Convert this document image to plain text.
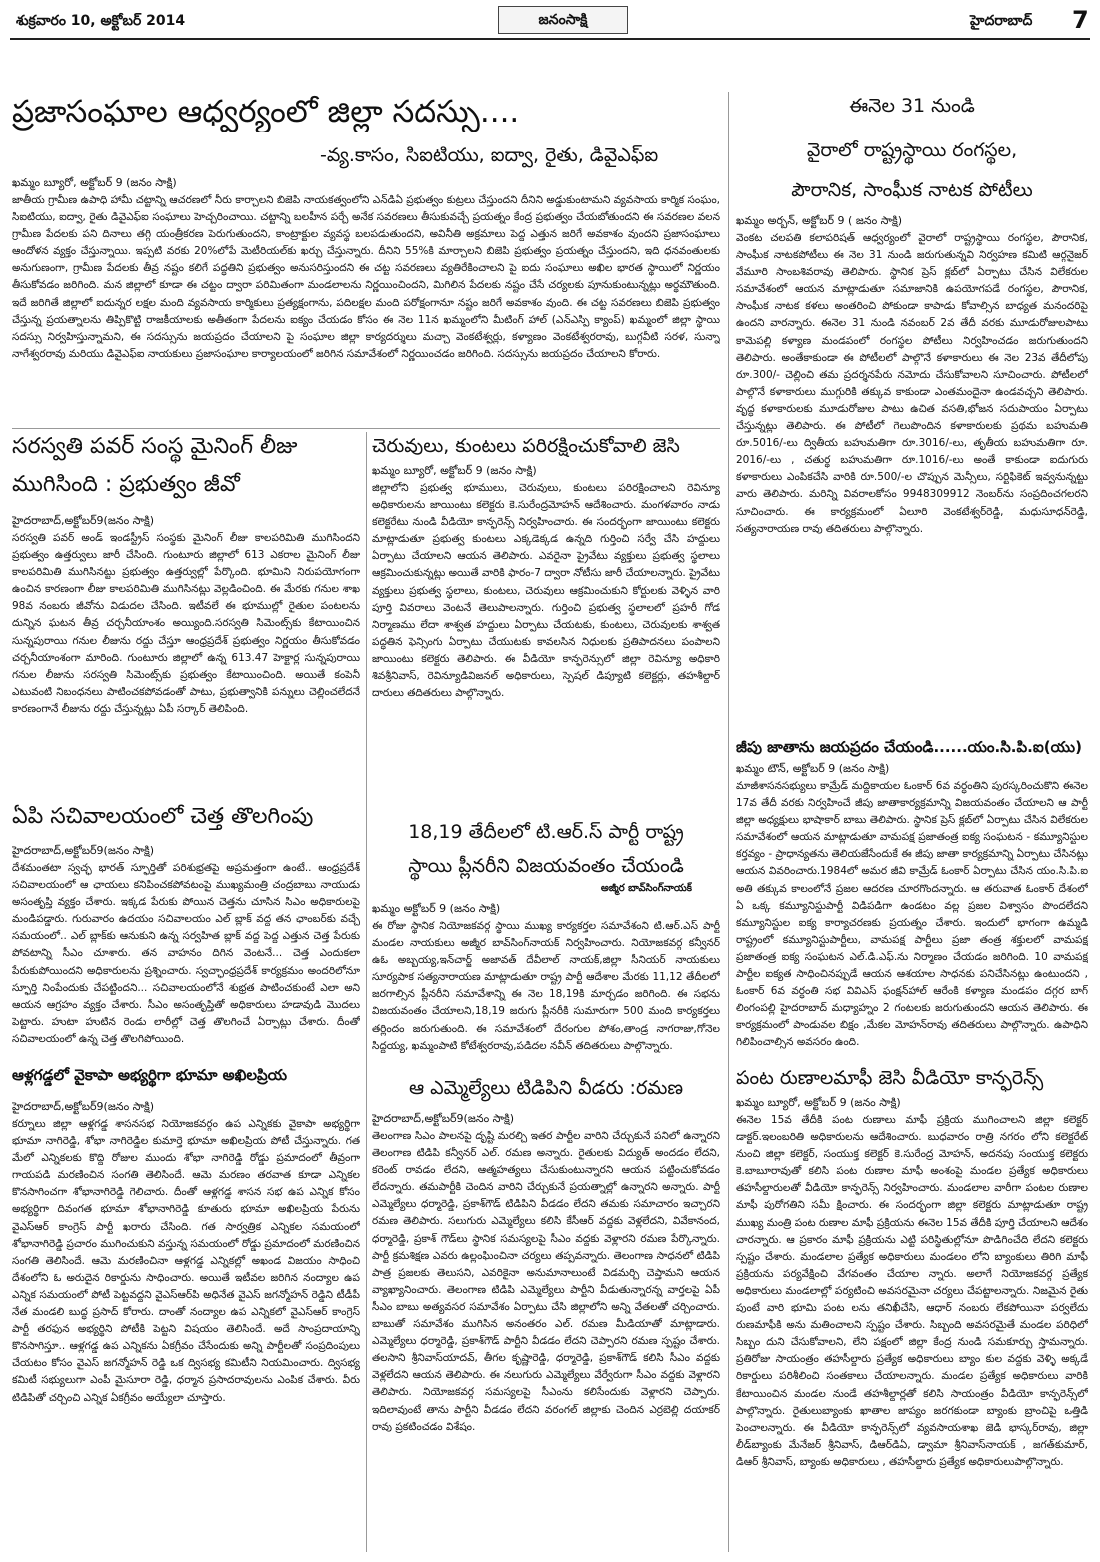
శుక్రవారం 10, అక్టోబర్ 2014	జనంసాక్షి	హైదరాబాద్ 7
ప్రజాసంఘాల ఆధ్వర్యంలో జిల్లా సదస్సు....
-వ్య.కాసం, సిఐటియు, ఐద్వా, రైతు, డివైఎఫ్ఐ
ఖమ్మం బ్యూరో, అక్టోబర్ 9 (జనం సాక్షి)
జాతీయ గ్రామీణ ఉపాధి హామీ చట్టాన్ని ఆచరణలో నీరు కార్చాలని బిజెపి నాయకత్వంలోని ఎన్‌డిఏ ప్రభుత్వం కుట్రలు చేస్తుందని దీనిని అడ్డుకుంటామని వ్యవసాయ కార్మిక సంఘం, సిఐటియు, ఐద్వా, రైతు డివైఎఫ్ఐ సంఘాలు హెచ్చరించాయి. చట్టాన్ని బలహీన పర్చే అనేక సవరణలు తీసుకువచ్చే ప్రయత్నం కేంద్ర ప్రభుత్వం చేయబోతుందని ఈ సవరణల వలన గ్రామీణ పేదలకు పని దినాలు తగ్గి యంత్రీకరణ పెరుగుతుందని, కాంట్రాక్టుల వ్యవస్థ బలపడుతుందని, అవినీతి అక్రమాలు పెద్ద ఎత్తున జరిగే అవకాశం వుందని ప్రజాసంఘాలు ఆందోళన వ్యక్తం చేస్తున్నాయి. ఇప్పటి వరకు 20%లోపే మెటీరియల్‌కు ఖర్చు చేస్తున్నారు. దీనిని 55%కి మార్చాలని బిజెపి ప్రభుత్వం ప్రయత్నం చేస్తుందని, ఇది ధనవంతులకు అనుగుణంగా, గ్రామీణ పేదలకు తీవ్ర నష్టం కలిగే పద్ధతిని ప్రభుత్వం అనుసరిస్తుందని ఈ చట్ట సవరణలు వ్యతిరేకించాలని పై ఐదు సంఘాలు అఖిల భారత స్థాయిలో నిర్ణయం తీసుకోవడం జరిగింది. మన జిల్లాలో కూడా ఈ చట్టం ద్వారా పరిమితంగా మండలాలను నిర్ణయించిందని, మిగిలిన పేదలకు నష్టం చేసే చర్యలకు పూనుకుంటున్నట్లు అర్థమౌతుంది. ఇదే జరిగితే జిల్లాలో ఐదున్నర లక్షల మంది వ్యవసాయ కార్మికులు ప్రత్యక్షంగాను, పదిలక్షల మంది పరోక్షంగానూ నష్టం జరిగే అవకాశం వుంది. ఈ చట్ట సవరణలు బిజెపి ప్రభుత్వం చేస్తున్న ప్రయత్నాలను తిప్పికొట్టి రాజకీయాలకు అతీతంగా పేదలను ఐక్యం చేయడం కోసం ఈ నెల 11న ఖమ్మంలోని మీటింగ్ హాల్ (ఎన్ఎస్పి క్యాంప్) ఖమ్మంలో జిల్లా స్థాయి సదస్సు నిర్వహిస్తున్నామని, ఈ సదస్సును జయప్రదం చేయాలని పై సంఘాల జిల్లా కార్యదర్శులు మచ్చా వెంకటేశ్వర్లు, కళ్యాణం వెంకటేశ్వరరావు, బుగ్గవీటి సరళ, సున్నా నాగేశ్వరరావు మరియు డివైఎఫ్ఐ నాయకులు ప్రజాసంఘాల కార్యాలయంలో జరిగిన సమావేశంలో నిర్ణయించడం జరిగింది. సదస్సును జయప్రదం చేయాలని కోరారు.
సరస్వతి పవర్ సంస్థ మైనింగ్ లీజు
ముగిసింది : ప్రభుత్వం జీవో
హైదరాబాద్,అక్టోబర్9(జనం సాక్షి)
సరస్వతి పవర్ అండ్ ఇండస్ట్రీస్ సంస్థకు మైనింగ్ లీజు కాలపరిమితి ముగిసిందని ప్రభుత్వం ఉత్తర్వులు జారీ చేసింది. గుంటూరు జిల్లాలో 613 ఎకరాల మైనింగ్ లీజు కాలపరిమితి ముగిసినట్టు ప్రభుత్వం ఉత్తర్వుల్లో పేర్కొంది. భూమిని నిరుపయోగంగా ఉంచిన కారణంగా లీజు కాలపరిమితి ముగిసినట్లు వెల్లడించింది. ఈ మేరకు గనుల శాఖ 98వ నంబరు జీవోను విడుదల చేసింది. ఇటీవలే ఈ భూముల్లో రైతుల పంటలను దున్నిన ఘటన తీవ్ర చర్చనీయాంశం అయ్యింది.సరస్వతి సిమెంట్స్‌కు కేటాయించిన సున్నపురాయి గనుల లీజును రద్దు చేస్తూ ఆంధ్రప్రదేశ్ ప్రభుత్వం నిర్ణయం తీసుకోవడం చర్చనీయాంశంగా మారింది. గుంటూరు జిల్లాలో ఉన్న 613.47 హెక్టార్ల సున్నపురాయి గనుల లీజును సరస్వతి సిమెంట్స్‌కు ప్రభుత్వం కేటాయించింది. అయితే కంపెనీ ఎటువంటి నిబంధనలు పాటించకపోవడంతో పాటు, ప్రభుత్వానికి పన్నులు చెల్లించలేదనే కారణంగానే లీజును రద్దు చేస్తున్నట్లు ఏపీ సర్కార్ తెలిపింది.
ఏపి సచివాలయంలో చెత్త తొలగింపు
హైదరాబాద్,అక్టోబర్9(జనం సాక్షి)
దేశమంతటా స్వచ్ఛ భారత్ స్ఫూర్తితో పరిశుభ్రతపై అప్రమత్తంగా ఉంటే.. ఆంధ్రప్రదేశ్ సచివాలయంలో ఆ ఛాయలు కనిపించకపోవటంపై ముఖ్యమంత్రి చంద్రబాబు నాయుడు అసంతృప్తి వ్యక్తం చేశారు. ఇక్కడ పేరుకు పోయిన చెత్తను చూసిన సిఎం అధికారులపై మండిపడ్డారు. గురువారం ఉదయం సచివాలయం ఎల్ బ్లాక్ వద్ద తన ఛాంబర్‌కు వచ్చే సమయంలో.. ఎల్ బ్లాక్‌కు ఆనుకుని ఉన్న సర్వహిత బ్లాక్ వద్ద పెద్ద ఎత్తున చెత్త పేరుకు పోవటాన్ని సీఎం చూశారు. తన వాహనం దిగిన వెంటనే... చెత్త ఎందుకలా పేరుకుపోయిందని అధికారులను ప్రశ్నించారు. స్వచ్ఛాంధ్రప్రదేశ్ కార్యక్రమం అందరిలోనూ స్ఫూర్తి నింపేందుకు చేపట్టిందని... సచివాలయంలోనే శుభ్రత పాటించకుంటే ఎలా అని ఆయన ఆగ్రహం వ్యక్తం చేశారు. సీఎం అసంతృప్తితో అధికారులు హడావుడి మొదలు పెట్టారు. హుటా హుటిన రెండు లారీల్లో చెత్త తొలగించే ఏర్పాట్లు చేశారు. దీంతో సచివాలయంలో ఉన్న చెత్త తొలగిపోయింది.
ఆళ్లగడ్డలో వైకాపా అభ్యర్థిగా భూమా అఖిలప్రియ
హైదరాబాద్,అక్టోబర్9(జనం సాక్షి)
కర్నూలు జిల్లా ఆళ్లగడ్డ శాసనసభ నియోజకవర్గం ఉప ఎన్నికకు వైకాపా అభ్యర్థిగా భూమా నాగిరెడ్డి, శోభా నాగిరెడ్డిల కుమార్తె భూమా అఖిలప్రియ పోటీ చేస్తున్నారు. గత మేలో ఎన్నికలకు కొద్ది రోజుల ముందు శోభా నాగిరెడ్డి రోడ్డు ప్రమాదంలో తీవ్రంగా గాయపడి మరణించిన సంగతి తెలిసిందే. ఆమె మరణం తరవాత కూడా ఎన్నికల కొనసాగించగా శోభానాగిరెడ్డి గెలిచారు. దీంతో ఆళ్లగడ్డ శాసన సభ ఉప ఎన్నిక కోసం అభ్యర్థిగా దివంగత భూమా శోభానాగిరెడ్డి కూతురు భూమా అఖిలప్రియ పేరును వైఎస్ఆర్ కాంగ్రెస్ పార్టీ ఖరారు చేసింది. గత సార్వత్రిక ఎన్నికల సమయంలో శోభానాగిరెడ్డి ప్రచారం ముగించుకుని వస్తున్న సమయంలో రోడ్డు ప్రమాదంలో మరణించిన సంగతి తెలిసిందే. ఆమె మరణించినా ఆళ్లగడ్డ ఎన్నికల్లో అఖండ విజయం సాధించి దేశంలోని ఓ అరుదైన రికార్డును సాధించారు. అయితే ఇటీవల జరిగిన నంద్యాల ఉప ఎన్నిక సమయంలో పోటీ పెట్టవద్దని వైఎస్ఆర్‌పి అధినేత వైఎస్ జగన్మోహన్ రెడ్డిని టీడీపీ నేత మండలి బుద్ధ ప్రసాద్ కోరారు. దాంతో నంద్యాల ఉప ఎన్నికలో వైఎస్ఆర్ కాంగ్రెస్ పార్టీ తరఫున అభ్యర్థిని పోటీకి పెట్టని విషయం తెలిసిందే. అదే సాంప్రదాయాన్ని కొనసాగిస్తూ.. ఆళ్లగడ్డ ఉప ఎన్నికను ఏకగ్రీవం చేసేందుకు అన్ని పార్టీలతో సంప్రదింపులు చేయటం కోసం వైఎస్ జగన్మోహన్ రెడ్డి ఒక ద్విసభ్య కమిటీని నియమించారు. ద్విసభ్య కమిటీ సభ్యులుగా ఎంపీ మైసూరా రెడ్డి, ధర్మాన ప్రసాదరావులను ఎంపిక చేశారు. వీరు టిడిపితో చర్చించి ఎన్నిక ఏకగ్రీవం అయ్యేలా చూస్తారు.
చెరువులు, కుంటలు పరిరక్షించుకోవాలి జెసి
ఖమ్మం బ్యూరో, అక్టోబర్ 9 (జనం సాక్షి)
జిల్లాలోని ప్రభుత్వ భూములు, చెరువులు, కుంటలు పరిరక్షించాలని రెవిన్యూ అధికారులను జాయింటు కలెక్టరు కె.సురేంద్రమోహన్ ఆదేశించారు. మంగళవారం నాడు కలెక్టరేటు నుండి వీడియో కాన్ఫరెన్స్ నిర్వహించారు. ఈ సందర్భంగా జాయింటు కలెక్టరు మాట్లాడుతూ ప్రభుత్వ కుంటలు ఎక్కడెక్కడ ఉన్నది గుర్తించి సర్వే చేసి హద్దులు ఏర్పాటు చేయాలని ఆయన తెలిపారు. ఎవరైనా ప్రైవేటు వ్యక్తులు ప్రభుత్వ స్థలాలు ఆక్రమించుకున్నట్లు అయితే వారికి ఫారం-7 ద్వారా నోటీసు జారీ చేయాలన్నారు. ప్రైవేటు వ్యక్తులు ప్రభుత్వ స్థలాలు, కుంటలు, చెరువులు ఆక్రమించుకుని కోర్టులకు వెళ్ళిన వారి పూర్తి వివరాలు వెంటనే తెలుపాలన్నారు. గుర్తించి ప్రభుత్వ స్థలాలలో ప్రహరీ గోడ నిర్మాణము లేదా శాశ్వత హద్దులు ఏర్పాటు చేయటకు, కుంటలు, చెరువులకు శాశ్వత పద్ధతిన ఫెన్సింగు ఏర్పాటు చేయుటకు కావలసిన నిధులకు ప్రతిపాదనలు పంపాలని జాయింటు కలెక్టరు తెలిపారు. ఈ వీడియో కాన్ఫరెన్సులో జిల్లా రెవిన్యూ అధికారి శివశ్రీనివాస్, రెవిన్యూడివిజనల్ అధికారులు, స్పెషల్ డిప్యూటి కలెక్టర్లు, తహశీల్దార్ దారులు తదితరులు పాల్గొన్నారు.
18,19 తేదీలలో టి.ఆర్.స్ పార్టీ రాష్ట్ర
స్థాయి ప్లీనరీని విజయవంతం చేయండి
అజ్మీర బావ్‌సింగ్‌నాయక్
ఖమ్మం అక్టోబర్ 9 (జనం సాక్షి)
ఈ రోజు స్థానిక నియోజకవర్గ స్థాయి ముఖ్య కార్యకర్తల సమావేశంని టి.ఆర్.ఎస్ పార్టీ మండల నాయకులు అజ్మీర బావ్‌సింగ్‌నాయక్ నిర్వహించారు. నియోజకవర్గ కన్వీనర్ ఉఓ అబ్బయ్య,ఇన్‌చార్జ్ అజావత్ దేవీలాల్ నాయక్,జిల్లా సీనియర్ నాయకులు సూర్యపాక సత్యనారాయణ మాట్లాడుతూ రాష్ట్ర పార్టీ ఆదేశాల మేరకు 11,12 తేదీలలో జరగాల్సిన ప్లీనరీని సమావేశాన్ని ఈ నెల 18,19కి మార్చడం జరిగింది. ఈ సభను విజయవంతం చేయాలని,18,19 జరుగు ప్లీనరీకి సుమారుగా 500 మంది కార్యకర్తలు తర్లిందం జరుగుతుంది. ఈ సమావేశంలో దేరంగుల పోశం,తాండ్ర నాగరాజు,గోనెల సిద్దయ్య, ఖమ్మంపాటి కోటేశ్వరరావు,పడిదల నవీన్ తదితరులు పాల్గొన్నారు.
ఆ ఎమ్మెల్యేలు టిడిపిని వీడరు :రమణ
హైదరాబాద్,అక్టోబర్9(జనం సాక్షి)
తెలంగాణ సిఎం పాలనపై దృష్టి మరల్చి ఇతర పార్టీల వారిని చేర్చుకునే పనిలో ఉన్నారని తెలంగాణ టిడిపి కన్వీనర్ ఎల్. రమణ అన్నారు. రైతులకు విద్యుత్ అందడం లేదని, కరెంట్ రావడం లేదని, ఆత్మహత్యలు చేసుకుంటున్నారని ఆయన పట్టించుకోవడం లేదన్నారు. తమపార్టీకి చెందిన వారిని చేర్చుకునే ప్రయత్నాల్లో ఉన్నారని అన్నారు. పార్టీ ఎమ్మెల్యేలు ధర్మారెడ్డి, ప్రకాశ్‌గౌడ్ టిడిపిని వీడడం లేదని తమకు సమాచారం ఇచ్చారని రమణ తెలిపారు. సలుగురు ఎమ్మెల్యేలు కలిసి కేసీఆర్ వద్దకు వెళ్లలేదని, వివేకానంద, ధర్మారెడ్డి, ప్రకాశ్ గౌడ్‌లు స్థానిక సమస్యలపై సీఎం వద్దకు వెళ్లారని రమణ పేర్కొన్నారు. పార్టీ క్రమశిక్షణ ఎవరు ఉల్లంఘించినా చర్యలు తప్పవన్నారు. తెలంగాణ సాధనలో టిడిపి పాత్ర ప్రజలకు తెలుసని, ఎవరికైనా అనుమానాలుంటే విడమర్చి చెప్తామని ఆయన వ్యాఖ్యానించారు. తెలంగాణ టిడిపి ఎమ్మెల్యేలు పార్టీని వీడుతున్నారన్న వార్తలపై ఏపీ సీఎం బాబు అత్యవసర సమావేశం ఏర్పాటు చేసి జిల్లాలోని అన్ని వేతలతో చర్చించారు. బాబుతో సమావేశం ముగిసిన అనంతరం ఎల్. రమణ మీడియాతో మాట్లాడారు. ఎమ్మెల్యేలు ధర్మారెడ్డి, ప్రకాశ్‌గౌడ్ పార్టీని వీడడం లేదని చెప్పారని రమణ స్పష్టం చేశారు. తలసాని శ్రీనివాస్‌యాదవ్, తీగల కృష్ణారెడ్డి, ధర్మారెడ్డి, ప్రకాశ్‌గౌడ్ కలిసి సీఎం వద్దకు వెళ్లలేదని ఆయన తెలిపారు. ఈ నలుగురు ఎమ్మెల్యేలు వేర్వేరుగా సీఎం వద్దకు వెళ్లారని తెలిపారు. నియోజకవర్గ సమస్యలపై సీఎంను కలిసేందుకు వెళ్లారని చెప్పారు. ఇదిలావుంటే తాను పార్టీని వీడడం లేదని వరంగల్ జిల్లాకు చెందిన ఎర్రబెల్లి దయాకర్ రావు ప్రకటించడం విశేషం.
ఈనెల 31 నుండి
వైరాలో రాష్ట్రస్థాయి రంగస్థల,
పౌరానిక, సాంఘీక నాటక పోటీలు
ఖమ్మం అర్బన్, అక్టోబర్ 9 ( జనం సాక్షి)
వెంకట చలపతి కలాపరిషత్ ఆధ్వర్యంలో వైరాలో రాష్ట్రస్థాయి రంగస్థల, పౌరానిక, సాంఘీక నాటకపోటీలు ఈ నెల 31 నుండి జరుగుతున్నవి నిర్వహణ కమిటి ఆర్గనైజర్ వేమూరి సాంబశివరావు తెలిపారు. స్థానిక ప్రెస్ క్లబ్‌లో ఏర్పాటు చేసిన విలేకరుల సమావేశంలో ఆయన మాట్లాడుతూ సమాజానికి ఉపయోగపడే రంగస్థల, పౌరానిక, సాంఘీక నాటక కళలు అంతరించి పోకుండా కాపాడు కోవాల్సిన బాధ్యత మనందరిపై ఉందని వారన్నారు. ఈనెల 31 నుండి నవంబర్ 2వ తేదీ వరకు మూడురోజులపాటు కామెపల్లి కళ్యాణ మండపంలో రంగస్థల పోటీలు నిర్వహించడం జరుగుతుందని తెలిపారు. అంతేకాకుండా ఈ పోటీలలో పాల్గొనే కళాకారులు ఈ నెల 23వ తేదీలోపు రూ.300/- చెల్లించి తమ ప్రదర్శనపేరు నమోదు చేసుకోవాలని సూచించారు. పోటీలలో పాల్గొనే కళాకారులు ముగ్గురికి తక్కువ కాకుండా ఎంతమందైనా ఉండవచ్చని తెలిపారు. వృద్ధ కళాకారులకు మూడురోజుల పాటు ఉచిత వసతి,భోజన సదుపాయం ఏర్పాటు చేస్తున్నట్లు తెలిపారు. ఈ పోటీలో గెలుపొందిన కళాకారులకు ప్రథమ బహుమతి రూ.5016/-లు ద్వితీయ బహుమతిగా రూ.3016/-లు, తృతీయ బహుమతిగా రూ. 2016/-లు , చతుర్థ బహుమతిగా రూ.1016/-లు అంతే కాకుండా ఐదుగురు కళాకారులు ఎంపికచేసి వారికి రూ.500/-ల చొప్పున మెన్సీలు, సర్టిఫికెట్ ఇవ్వనున్నట్టు వారు తెలిపారు. మరిన్ని వివరాలకోసం 9948309912 నెంబర్‌ను సంప్రదించగలరని సూచించారు. ఈ కార్యక్రమంలో ఏలూరి వెంకటేశ్వర్‌రెడ్డి, మధుసూధన్‌రెడ్డి, సత్యనారాయణ రావు తదితరులు పాల్గొన్నారు.
జీపు జాతాను జయప్రదం చేయండి......యం.సి.పి.ఐ(యు)
ఖమ్మం టౌన్, అక్టోబర్ 9 (జనం సాక్షి)
మాజీశాసనసభ్యులు కామ్రేడ్ మద్దికాయల ఓంకార్ 6వ వర్ధంతిని పురస్కరించుకొని ఈనెల 17వ తేదీ వరకు నిర్వహించే జీపు జాతాకార్యక్రమాన్ని విజయవంతం చేయాలని ఆ పార్టీ జిల్లా అధ్యక్షులు భాషాకార్ బాబు తెలిపారు. స్థానిక ప్రెస్ క్లబ్‌లో ఏర్పాటు చేసిన విలేకరుల సమావేశంలో ఆయన మాట్లాడుతూ వామపక్ష ప్రజాతంత్ర ఐక్య సంఘటన - కమ్యూనిస్టుల కర్తవ్యం - ప్రాధాన్యతను తెలియజేసేందుకే ఈ జీపు జాతా కార్యక్రమాన్ని ఏర్పాటు చేసినట్లు ఆయన వివరించారు.1984లో అమర జీవి కామ్రేడ్ ఓంకార్ ఏర్పాటు చేసిన యం.సి.పి.ఐ అతి తక్కువ కాలంలోనే ప్రజల ఆదరణ చూరగొందన్నారు. ఆ తరువాత ఓంకార్ దేశంలో ఏ ఒక్క కమ్యూనిస్టుపార్టీ విడిపడిగా ఉండటం వల్ల ప్రజల విశ్వాసం పొందలేదని కమ్యూనిస్టుల ఐక్య కార్యాచరణకు ప్రయత్నం చేశారు. ఇందులో భాగంగా ఉమ్మడి రాష్ట్రంలో కమ్యూనిస్టుపార్టీలు, వామపక్ష పార్టీలు ప్రజా తంత్ర శక్తులలో వామపక్ష ప్రజాతంత్ర ఐక్య సంఘటన ఎల్.డి.ఎఫ్.ను నిర్మాణం చేయడం జరిగింది. 10 వామపక్ష పార్టీల ఐక్యత సాధించినప్పుడే ఆయన ఆశయాల సాధనకు పనిచేసినట్లు ఉంటుందని , ఓంకార్ 6వ వర్ధంతి సభ వివిఎస్ ఫంక్షన్‌హాల్ ఆరేంకి కళ్యాణ మండపం దగ్గర బాగ్ లింగంపల్లి హైదరాబాద్ మధ్యాహ్నం 2 గంటలకు జరుగుతుందని ఆయన తెలిపారు. ఈ కార్యక్రమంలో పాండువల బిక్షం ,మేకల మోహన్‌రావు తదితరులు పాల్గొన్నారు. ఉపాధిని గిలిపించాల్సిన అవసరం ఉంది.
పంట రుణాలమాఫీ జెసి వీడియో కాన్ఫరెన్స్
ఖమ్మం బ్యూరో, అక్టోబర్ 9 (జనం సాక్షి)
ఈనెల 15వ తేదీకి పంట రుణాలు మాఫీ ప్రక్రియ ముగించాలని జిల్లా కలెక్టర్ డాక్టర్.ఇలంబరితి అధికారులను ఆదేశించారు. బుధవారం రాత్రి నగరం లోని కలెక్టరేట్ నుంచి జిల్లా కలెక్టర్, సంయుక్త కలెక్టర్ కె.సురేంద్ర మోహన్, అదనపు సంయుక్త కలెక్టరు కె.బాబూరావుతో కలిసి పంట రుణాల మాఫీ అంశంపై మండల ప్రత్యేక అధికారులు తహసీల్దారులతో వీడియో కాన్ఫరెన్స్ నిర్వహించారు. మండలాల వారీగా పంటల రుణాల మాఫీ పురోగతిని సమీ క్షించారు. ఈ సందర్భంగా జిల్లా కలెక్టరు మాట్లాడుతూ రాష్ట్ర ముఖ్య మంత్రి పంట రుణాల మాఫీ ప్రక్రియను ఈనెల 15వ తేదీకి పూర్తి చేయాలని ఆదేశం చారన్నారు. ఆ ప్రకారం మాఫీ ప్రక్రియను ఎట్టి పరిస్థితుల్లోనూ పొడిగించేది లేదని కలెక్టరు స్పష్టం చేశారు. మండలాల ప్రత్యేక అధికారులు మండలం లోని బ్యాంకులు తిరిగి మాఫీ ప్రక్రియను పర్యవేక్షించి వేగవంతం చేయాల న్నారు. అలాగే నియోజకవర్గ ప్రత్యేక అధికారులు మండలాల్లో పర్యటించి అవసరమైనా చర్యలు చేపట్టాలన్నారు. నిజమైన రైతు పుంటే వారి భూమి పంట లను తనిఖీచేసి, ఆధార్ నంబరు లేకపోయినా పర్వలేదు రుణమాఫీకి అను మతించాలని స్పష్టం చేశారు. సిబ్బంది అవసరమైతే మండల పరిధిలో సిబ్బం దుని చేసుకోవాలని, లేని పక్షంలో జిల్లా కేంద్ర నుండి సమకూర్చు స్తామన్నారు. ప్రతిరోజు సాయంత్రం తహసీల్దారు ప్రత్యేక అధికారులు బ్యాం కుల వద్దకు వెళ్ళి అక్కడే రికార్డులు పరిశీలించి సంతకాలు చేయాలన్నారు. మండల ప్రత్యేక అధికారులు వారికి కేటాయించిన మండల నుండే తహశీల్దార్లతో కలిసి సాయంత్రం వీడియో కాన్ఫరెన్స్‌లో పాల్గొన్నారు. రైతులుబ్యాంకు ఖాతాల జాప్యం జరగకుండా బ్యాంకు బ్రాంచిపై ఒత్తిడి పెంచాలన్నారు. ఈ వీడియో కాన్ఫరెన్స్‌లో వ్యవసాయశాఖ జెడి భాస్కర్‌రావు, జిల్లా లీడ్‌బ్యాంకు మేనేజర్ శ్రీనివాస్, డిఆర్‌డిఏ, డ్వామా శ్రీనివాస్‌నాయక్ , జగత్‌కుమార్, డిఆర్ శ్రీనివాస్, బ్యాంకు అధికారులు , తహసీల్దారు ప్రత్యేక అధికారులుపాల్గొన్నారు.
